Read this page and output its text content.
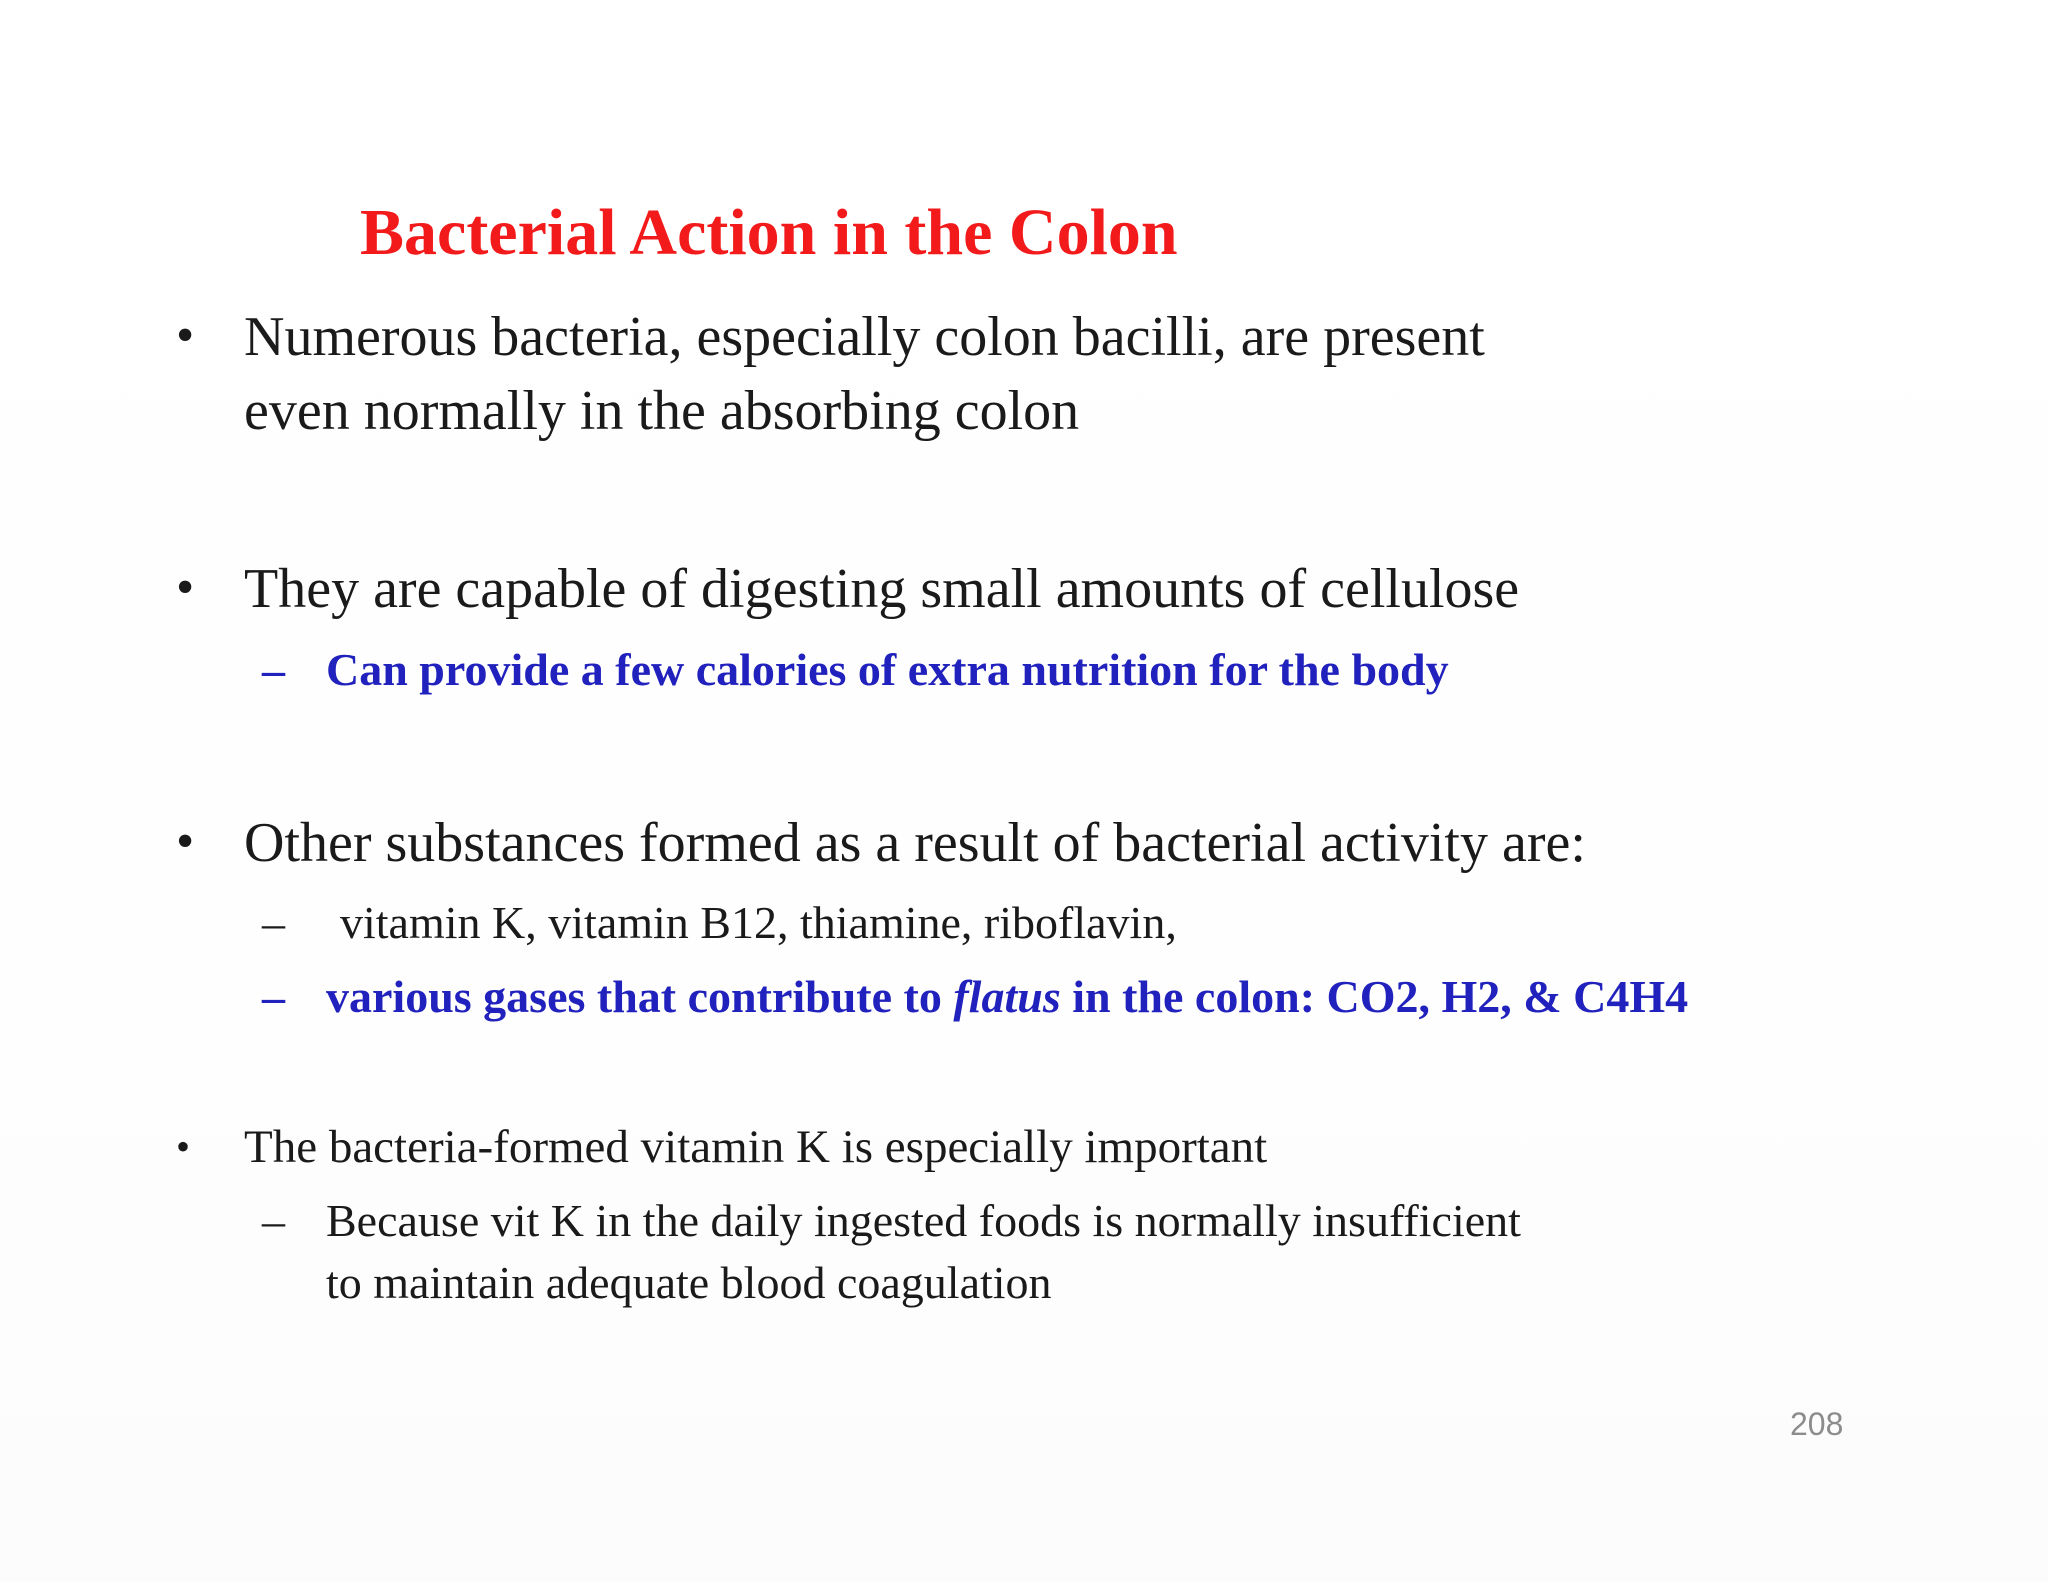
Bacterial Action in the Colon
• Numerous bacteria, especially colon bacilli, are present
even normally in the absorbing colon
• They are capable of digesting small amounts of cellulose
– Can provide a few calories of extra nutrition for the body
• Other substances formed as a result of bacterial activity are:
–	vitamin K, vitamin B12, thiamine, riboflavin,
– various gases that contribute to flatus in the colon: CO2, H2, & C4H4
•	The bacteria-formed vitamin K is especially important
– Because vit K in the daily ingested foods is normally insufficient
to maintain adequate blood coagulation
208
